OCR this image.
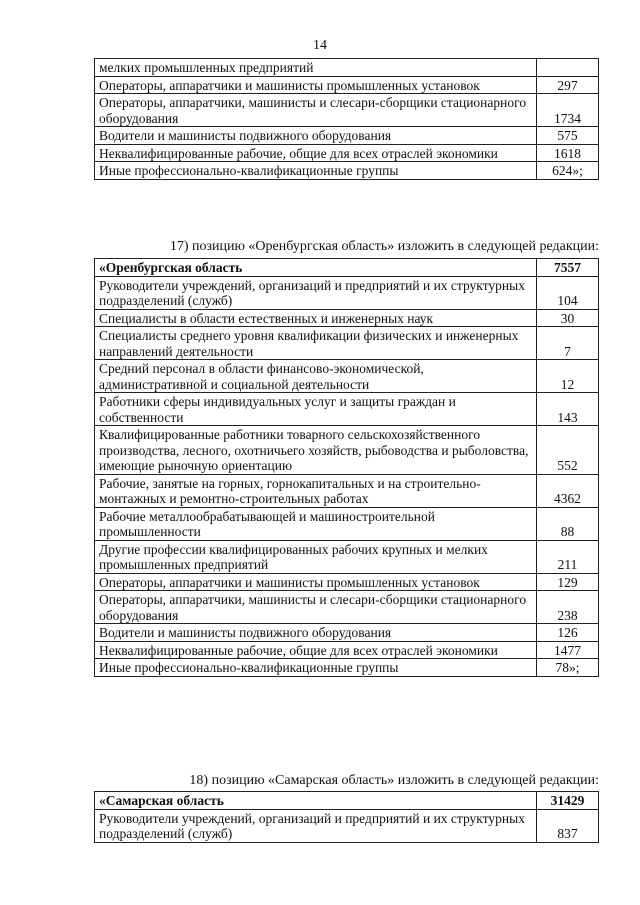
14
мелких промышленных предприятий	
Операторы, аппаратчики и машинисты промышленных установок	297
Операторы, аппаратчики, машинисты и слесари-сборщики стационарного оборудования	1734
Водители и машинисты подвижного оборудования	575
Неквалифицированные рабочие, общие для всех отраслей экономики	1618
Иные профессионально-квалификационные группы	624»;
17) позицию «Оренбургская область» изложить в следующей редакции:
«Оренбургская область	7557
Руководители учреждений, организаций и предприятий и их структурных подразделений (служб)	104
Специалисты в области естественных и инженерных наук	30
Специалисты среднего уровня квалификации физических и инженерных направлений деятельности	7
Средний персонал в области финансово-экономической, административной и социальной деятельности	12
Работники сферы индивидуальных услуг и защиты граждан и собственности	143
Квалифицированные работники товарного сельскохозяйственного производства, лесного, охотничьего хозяйств, рыбоводства и рыболовства, имеющие рыночную ориентацию	552
Рабочие, занятые на горных, горнокапитальных и на строительно-монтажных и ремонтно-строительных работах	4362
Рабочие металлообрабатывающей и машиностроительной промышленности	88
Другие профессии квалифицированных рабочих крупных и мелких промышленных предприятий	211
Операторы, аппаратчики и машинисты промышленных установок	129
Операторы, аппаратчики, машинисты и слесари-сборщики стационарного оборудования	238
Водители и машинисты подвижного оборудования	126
Неквалифицированные рабочие, общие для всех отраслей экономики	1477
Иные профессионально-квалификационные группы	78»;
18) позицию «Самарская область» изложить в следующей редакции:
«Самарская область	31429
Руководители учреждений, организаций и предприятий и их структурных подразделений (служб)	837
